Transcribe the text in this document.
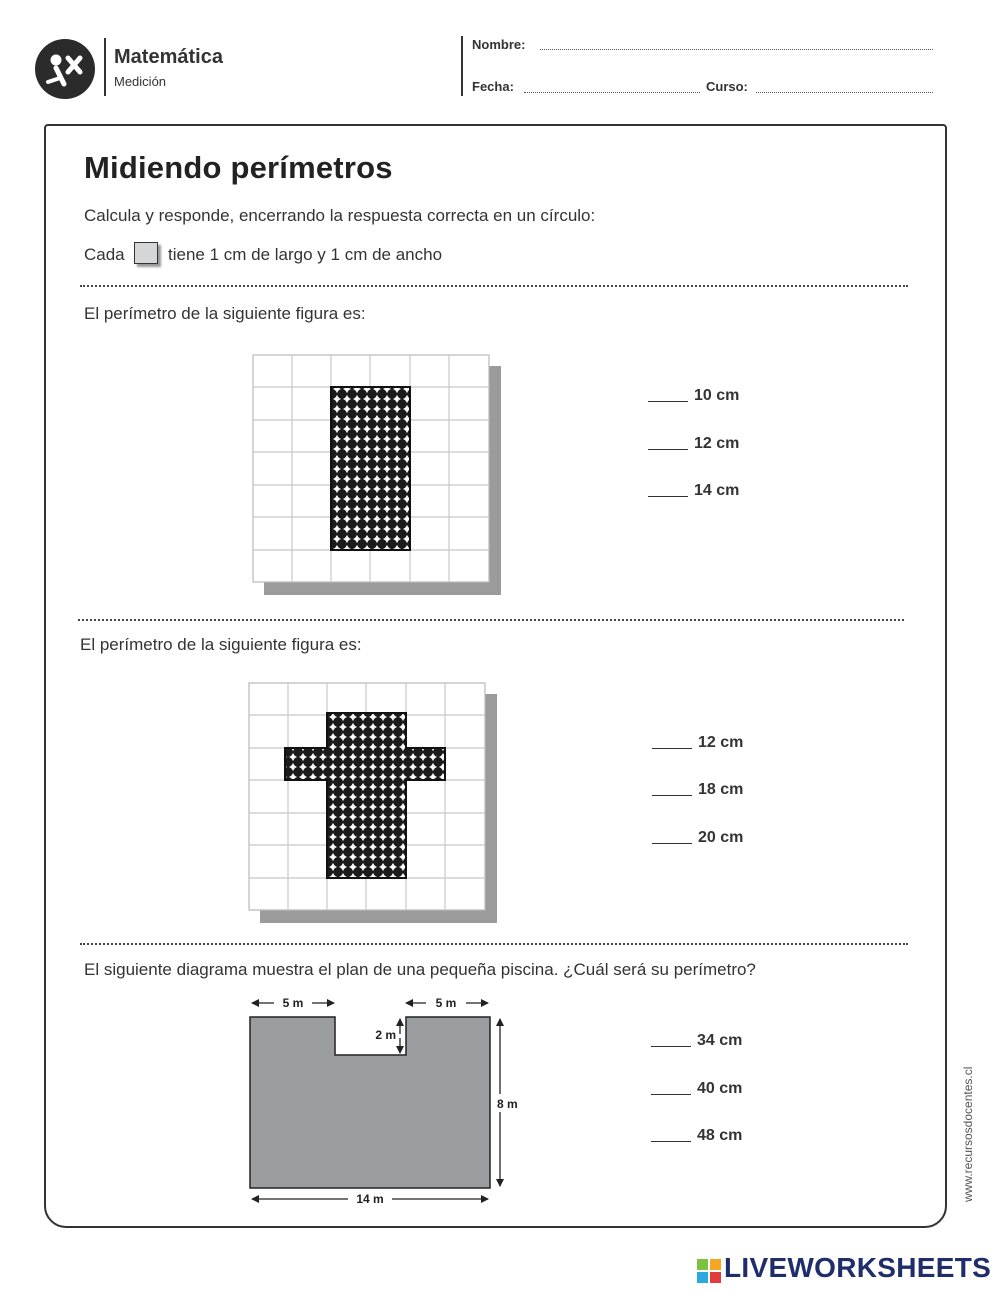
Matemática
Medición
Nombre:
Fecha:	Curso:
Midiendo perímetros
Calcula y responde, encerrando la respuesta correcta en un círculo:
Cada	tiene 1 cm de largo y 1 cm de ancho
El perímetro de la siguiente figura es:
10 cm
12 cm
14 cm
El perímetro de la siguiente figura es:
12 cm
18 cm
20 cm
El siguiente diagrama muestra el plan de una pequeña piscina. ¿Cuál será su perímetro?
5 m	5 m
2 m
8 m
14 m
34 cm
40 cm
48 cm	www.recursosdocentes.cl
LIVEWORKSHEETS
